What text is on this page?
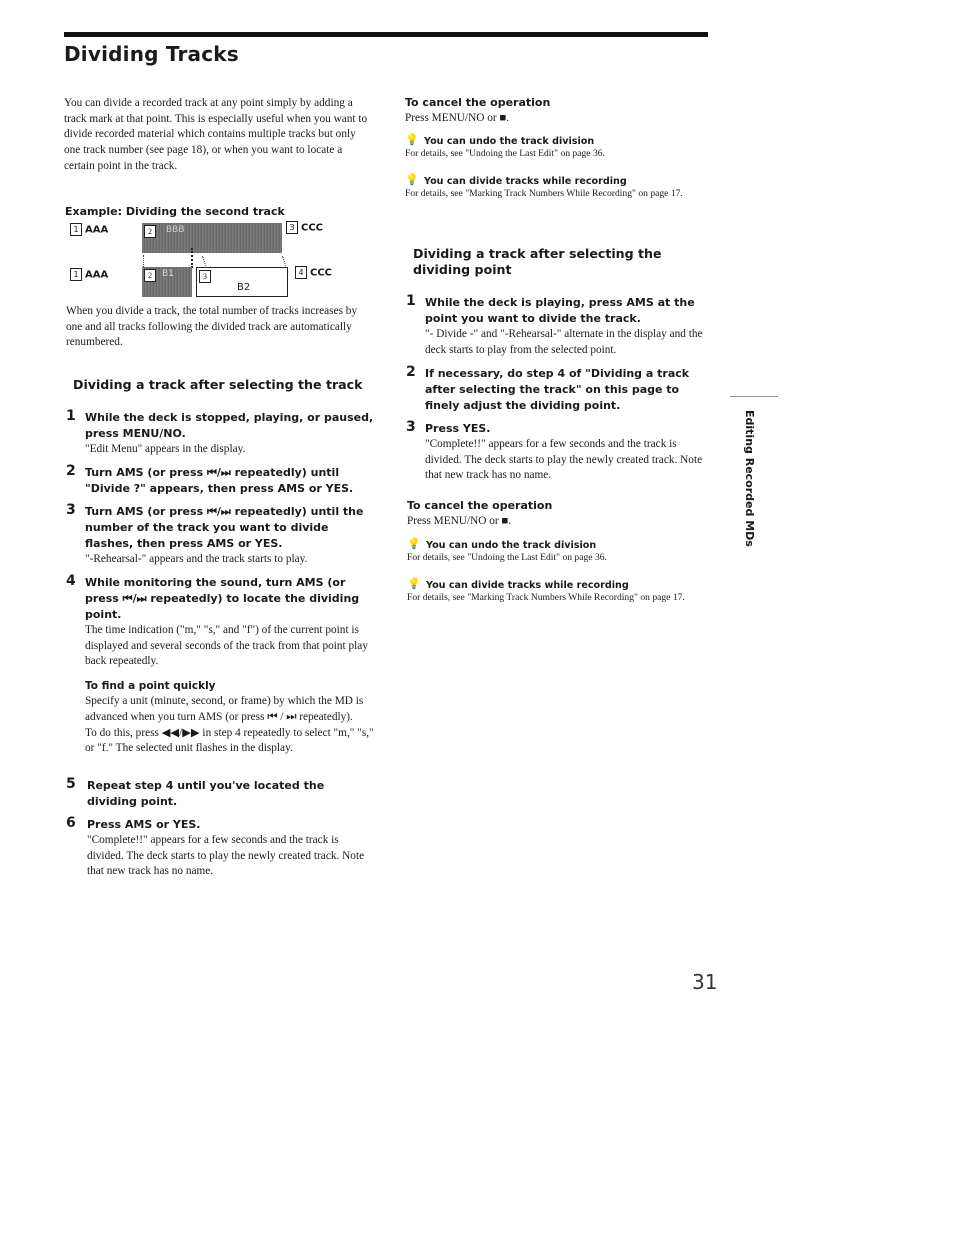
Dividing Tracks
You can divide a recorded track at any point simply by adding a track mark at that point. This is especially useful when you want to divide recorded material which contains multiple tracks but only one track number (see page 18), or when you want to locate a certain point in the track.
Example: Dividing the second track
1 AAA	2	BBB	3 CCC
1 AAA	2	B1	3
B2
4 CCC
When you divide a track, the total number of tracks increases by one and all tracks following the divided track are automatically renumbered.
Dividing a track after selecting the track
1 While the deck is stopped, playing, or paused, press MENU/NO.
"Edit Menu" appears in the display.
2 Turn AMS (or press ⏮/⏭ repeatedly) until "Divide ?" appears, then press AMS or YES.
3 Turn AMS (or press ⏮/⏭ repeatedly) until the number of the track you want to divide flashes, then press AMS or YES.
"-Rehearsal-" appears and the track starts to play.
4 While monitoring the sound, turn AMS (or press ⏮/⏭ repeatedly) to locate the dividing point.
The time indication ("m," "s," and "f") of the current point is displayed and several seconds of the track from that point play back repeatedly.
To find a point quickly
Specify a unit (minute, second, or frame) by which the MD is advanced when you turn AMS (or press ⏮ / ⏭ repeatedly).
To do this, press ◀◀/▶▶ in step 4 repeatedly to select "m," "s," or "f." The selected unit flashes in the display.
5 Repeat step 4 until you've located the dividing point.
6 Press AMS or YES.
"Complete!!" appears for a few seconds and the track is divided. The deck starts to play the newly created track. Note that new track has no name.
To cancel the operation
Press MENU/NO or ■.
💡 You can undo the track division
For details, see "Undoing the Last Edit" on page 36.
💡 You can divide tracks while recording
For details, see "Marking Track Numbers While Recording" on page 17.
Dividing a track after selecting the dividing point
1 While the deck is playing, press AMS at the point you want to divide the track.
"- Divide -" and "-Rehearsal-" alternate in the display and the deck starts to play from the selected point.
2 If necessary, do step 4 of "Dividing a track after selecting the track" on this page to finely adjust the dividing point.
3 Press YES.
"Complete!!" appears for a few seconds and the track is divided. The deck starts to play the newly created track. Note that new track has no name.
To cancel the operation
Press MENU/NO or ■.
💡 You can undo the track division
For details, see "Undoing the Last Edit" on page 36.
💡 You can divide tracks while recording
For details, see "Marking Track Numbers While Recording" on page 17.
Editing Recorded MDs
31
